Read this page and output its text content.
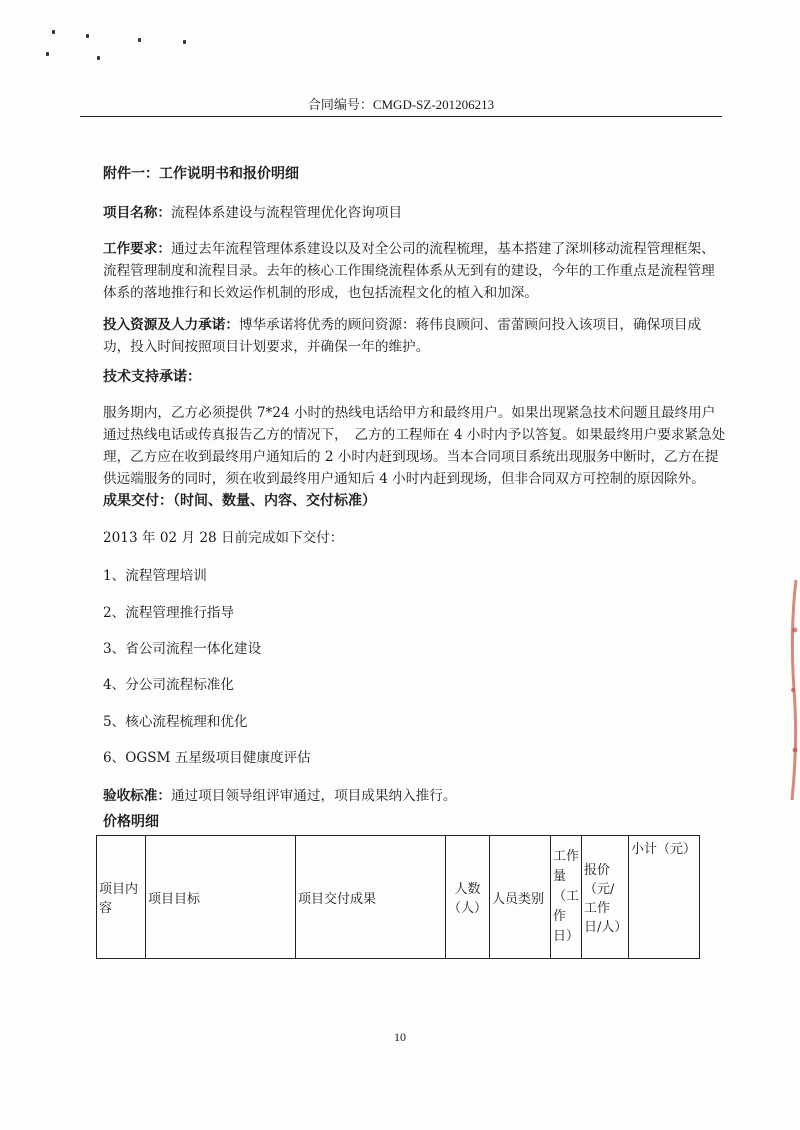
合同编号：CMGD-SZ-201206213
附件一：工作说明书和报价明细

项目名称：流程体系建设与流程管理优化咨询项目

工作要求：通过去年流程管理体系建设以及对全公司的流程梳理，基本搭建了深圳移动流程管理框架、流程管理制度和流程目录。去年的核心工作围绕流程体系从无到有的建设，今年的工作重点是流程管理体系的落地推行和长效运作机制的形成，也包括流程文化的植入和加深。

投入资源及人力承诺：博华承诺将优秀的顾问资源：蒋伟良顾问、雷蕾顾问投入该项目，确保项目成功，投入时间按照项目计划要求，并确保一年的维护。

技术支持承诺：

服务期内，乙方必须提供 7*24 小时的热线电话给甲方和最终用户。如果出现紧急技术问题且最终用户通过热线电话或传真报告乙方的情况下，　乙方的工程师在 4 小时内予以答复。如果最终用户要求紧急处理，乙方应在收到最终用户通知后的 2 小时内赶到现场。当本合同项目系统出现服务中断时，乙方在提供远端服务的同时，须在收到最终用户通知后 4 小时内赶到现场，但非合同双方可控制的原因除外。

成果交付：（时间、数量、内容、交付标准）
2013 年 02 月 28 日前完成如下交付：
1、流程管理培训
2、流程管理推行指导
3、省公司流程一体化建设
4、分公司流程标准化
5、核心流程梳理和优化
6、OGSM 五星级项目健康度评估

验收标准：通过项目领导组评审通过，项目成果纳入推行。

价格明细
项目内容	项目目标	项目交付成果	人数（人）	人员类别	工作量（工作日）	报价（元/工作日/人）	小计（元）
10
